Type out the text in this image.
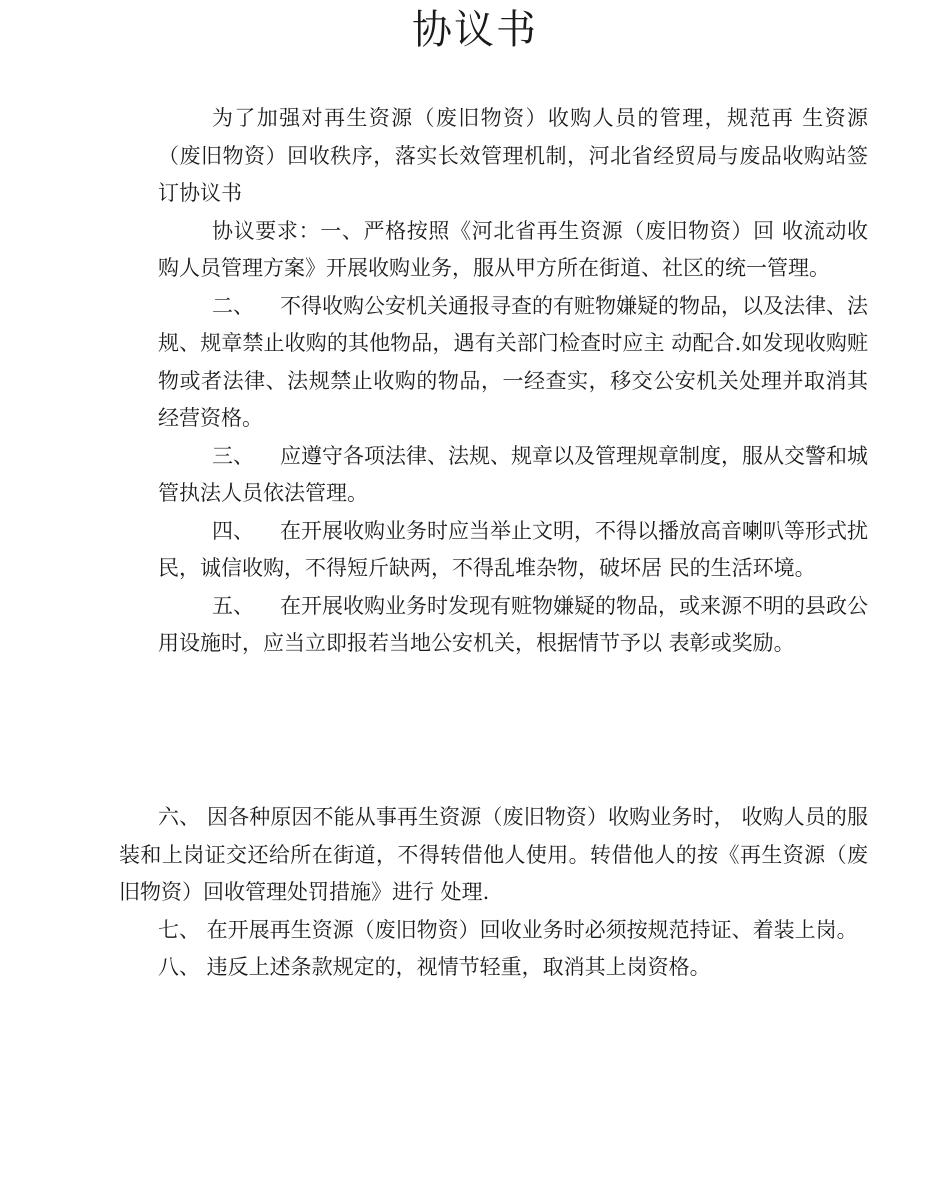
协议书

为了加强对再生资源（废旧物资）收购人员的管理，规范再 生资源（废旧物资）回收秩序，落实长效管理机制，河北省经贸局与废品收购站签订协议书

协议要求：一、严格按照《河北省再生资源（废旧物资）回 收流动收购人员管理方案》开展收购业务，服从甲方所在街道、社区的统一管理。

二、 不得收购公安机关通报寻查的有赃物嫌疑的物品，以及法律、法规、规章禁止收购的其他物品，遇有关部门检查时应主 动配合.如发现收购赃物或者法律、法规禁止收购的物品，一经查实，移交公安机关处理并取消其经营资格。

三、 应遵守各项法律、法规、规章以及管理规章制度，服从交警和城管执法人员依法管理。

四、 在开展收购业务时应当举止文明，不得以播放高音喇叭等形式扰民，诚信收购，不得短斤缺两，不得乱堆杂物，破坏居 民的生活环境。

五、 在开展收购业务时发现有赃物嫌疑的物品，或来源不明的县政公用设施时，应当立即报若当地公安机关，根据情节予以 表彰或奖励。

六、 因各种原因不能从事再生资源（废旧物资）收购业务时， 收购人员的服装和上岗证交还给所在街道，不得转借他人使用。转借他人的按《再生资源（废旧物资）回收管理处罚措施》进行 处理.

七、 在开展再生资源（废旧物资）回收业务时必须按规范持证、着装上岗。

八、 违反上述条款规定的，视情节轻重，取消其上岗资格。
